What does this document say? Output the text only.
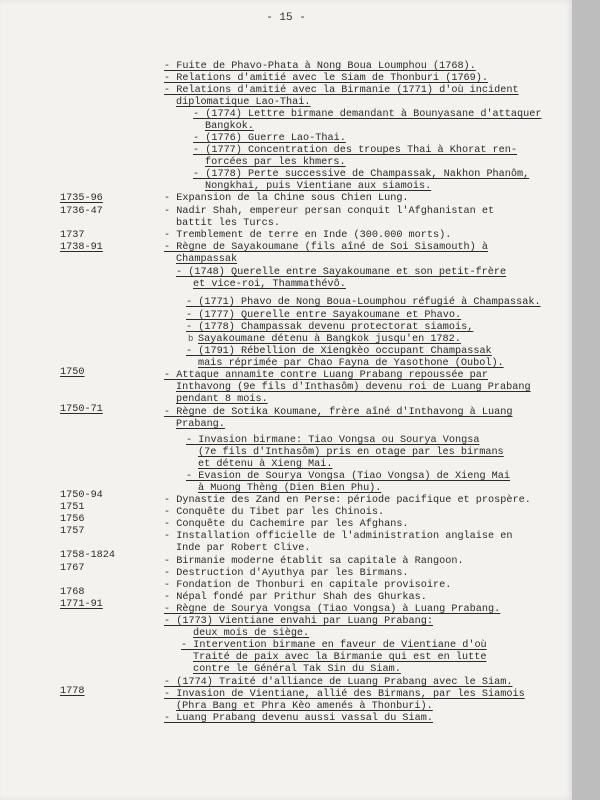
- 15 -
1735-96
1736-47
1737
1738-91
1750
1750-71
1750-94
1751
1756
1757
1758-1824
1767
1768
1771-91
1778
b
- Fuite de Phavo-Phata à Nong Boua Loumphou (1768).
- Relations d'amitié avec le Siam de Thonburi (1769).
- Relations d'amitié avec la Birmanie (1771) d'où incident
diplomatique Lao-Thai.
- (1774) Lettre birmane demandant à Bounyasane d'attaquer
Bangkok.
- (1776) Guerre Lao-Thai.
- (1777) Concentration des troupes Thai à Khorat ren-
forcées par les khmers.
- (1778) Perte successive de Champassak, Nakhon Phanôm,
Nongkhai, puis Vientiane aux siamois.
- Expansion de la Chine sous Chien Lung.
- Nadir Shah, empereur persan conquit l'Afghanistan et
battit les Turcs.
- Tremblement de terre en Inde (300.000 morts).
- Règne de Sayakoumane (fils aîné de Soi Sisamouth) à
Champassak
- (1748) Querelle entre Sayakoumane et son petit-frère
et vice-roi, Thammathévô.
- (1771) Phavo de Nong Boua-Loumphou réfugié à Champassak.
- (1777) Querelle entre Sayakoumane et Phavo.
- (1778) Champassak devenu protectorat siamois,
Sayakoumane détenu à Bangkok jusqu'en 1782.
- (1791) Rébellion de Xiengkèo occupant Champassak
mais réprimée par Chao Fayna de Yasothone (Oubol).
- Attaque annamite contre Luang Prabang repoussée par
Inthavong (9e fils d'Inthasôm) devenu roi de Luang Prabang
pendant 8 mois.
- Règne de Sotika Koumane, frère aîné d'Inthavong à Luang
Prabang.
- Invasion birmane: Tiao Vongsa ou Sourya Vongsa
(7e fils d'Inthasôm) pris en otage par les birmans
et détenu à Xieng Mai.
- Evasion de Sourya Vongsa (Tiao Vongsa) de Xieng Mai
à Muong Thèng (Dien Bien Phu).
- Dynastie des Zand en Perse: période pacifique et prospère.
- Conquête du Tibet par les Chinois.
- Conquête du Cachemire par les Afghans.
- Installation officielle de l'administration anglaise en
Inde par Robert Clive.
- Birmanie moderne établit sa capitale à Rangoon.
- Destruction d'Ayuthya par les Birmans.
- Fondation de Thonburi en capitale provisoire.
- Népal fondé par Prithur Shah des Ghurkas.
- Règne de Sourya Vongsa (Tiao Vongsa) à Luang Prabang.
- (1773) Vientiane envahi par Luang Prabang:
deux mois de siège.
- Intervention birmane en faveur de Vientiane d'où
Traité de paix avec la Birmanie qui est en lutte
contre le Général Tak Sin du Siam.
- (1774) Traité d'alliance de Luang Prabang avec le Siam.
- Invasion de Vientiane, allié des Birmans, par les Siamois
(Phra Bang et Phra Kèo amenés à Thonburi).
- Luang Prabang devenu aussi vassal du Siam.
